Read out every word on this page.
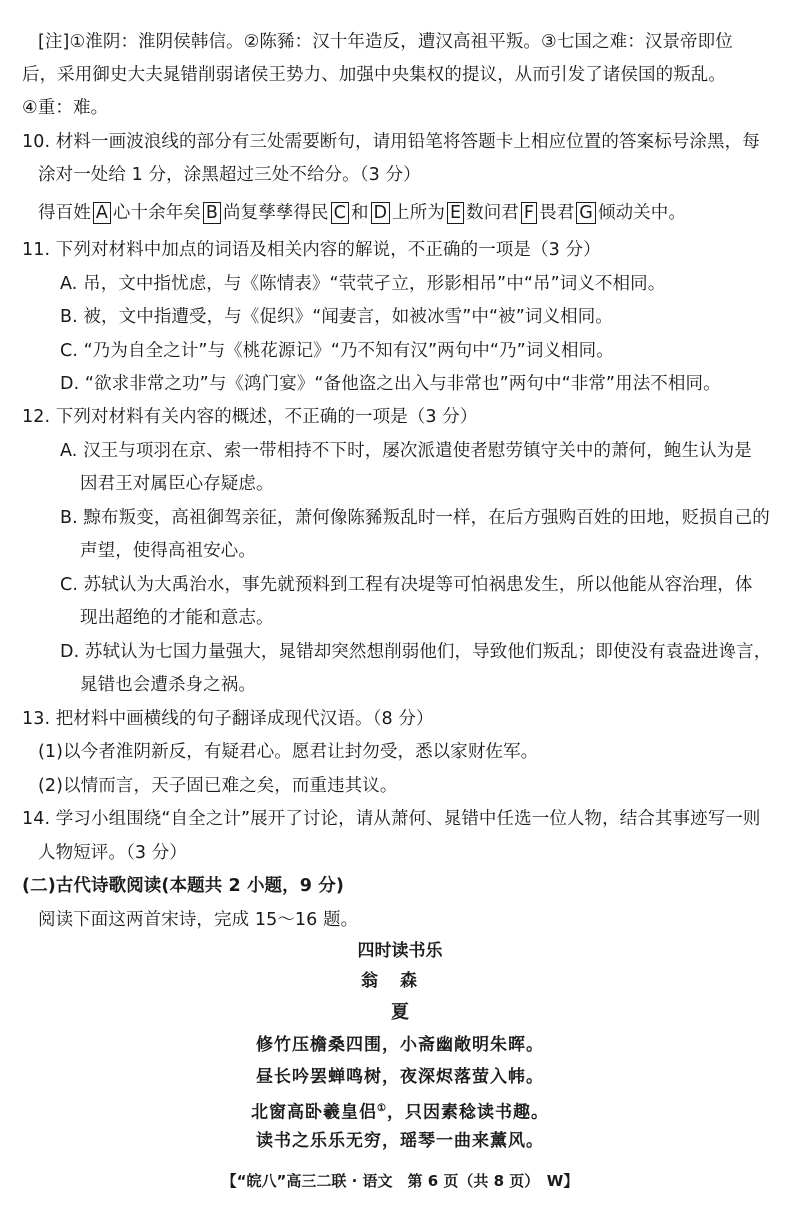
[注]①淮阴：淮阴侯韩信。②陈豨：汉十年造反，遭汉高祖平叛。③七国之难：汉景帝即位
后，采用御史大夫晁错削弱诸侯王势力、加强中央集权的提议，从而引发了诸侯国的叛乱。
④重：难。
10. 材料一画波浪线的部分有三处需要断句，请用铅笔将答题卡上相应位置的答案标号涂黑，每
涂对一处给 1 分，涂黑超过三处不给分。（3 分）
得百姓 A 心十余年矣 B 尚复孳孳得民 C 和 D 上所为 E 数问君 F 畏君 G 倾动关中。
11. 下列对材料中加点的词语及相关内容的解说，不正确的一项是（3 分）
A. 吊，文中指忧虑，与《陈情表》“茕茕孑立，形影相吊”中“吊”词义不相同。
B. 被，文中指遭受，与《促织》“闻妻言，如被冰雪”中“被”词义相同。
C. “乃为自全之计”与《桃花源记》“乃不知有汉”两句中“乃”词义相同。
D. “欲求非常之功”与《鸿门宴》“备他盗之出入与非常也”两句中“非常”用法不相同。
12. 下列对材料有关内容的概述，不正确的一项是（3 分）
A. 汉王与项羽在京、索一带相持不下时，屡次派遣使者慰劳镇守关中的萧何，鲍生认为是
因君王对属臣心存疑虑。
B. 黥布叛变，高祖御驾亲征，萧何像陈豨叛乱时一样，在后方强购百姓的田地，贬损自己的
声望，使得高祖安心。
C. 苏轼认为大禹治水，事先就预料到工程有决堤等可怕祸患发生，所以他能从容治理，体
现出超绝的才能和意志。
D. 苏轼认为七国力量强大，晁错却突然想削弱他们，导致他们叛乱；即使没有袁盎进谗言，
晁错也会遭杀身之祸。
13. 把材料中画横线的句子翻译成现代汉语。（8 分）
(1)以今者淮阴新反，有疑君心。愿君让封勿受，悉以家财佐军。
(2)以情而言，天子固已难之矣，而重违其议。
14. 学习小组围绕“自全之计”展开了讨论，请从萧何、晁错中任选一位人物，结合其事迹写一则
人物短评。（3 分）
(二)古代诗歌阅读(本题共 2 小题，9 分)
阅读下面这两首宋诗，完成 15～16 题。
四时读书乐
翁森
夏
修竹压檐桑四围，小斋幽敞明朱晖。
昼长吟罢蝉鸣树，夜深烬落萤入帏。
北窗高卧羲皇侣①，只因素稔读书趣。
读书之乐乐无穷，瑶琴一曲来薰风。
【“皖八”高三二联 · 语文　第 6 页（共 8 页）　W】
